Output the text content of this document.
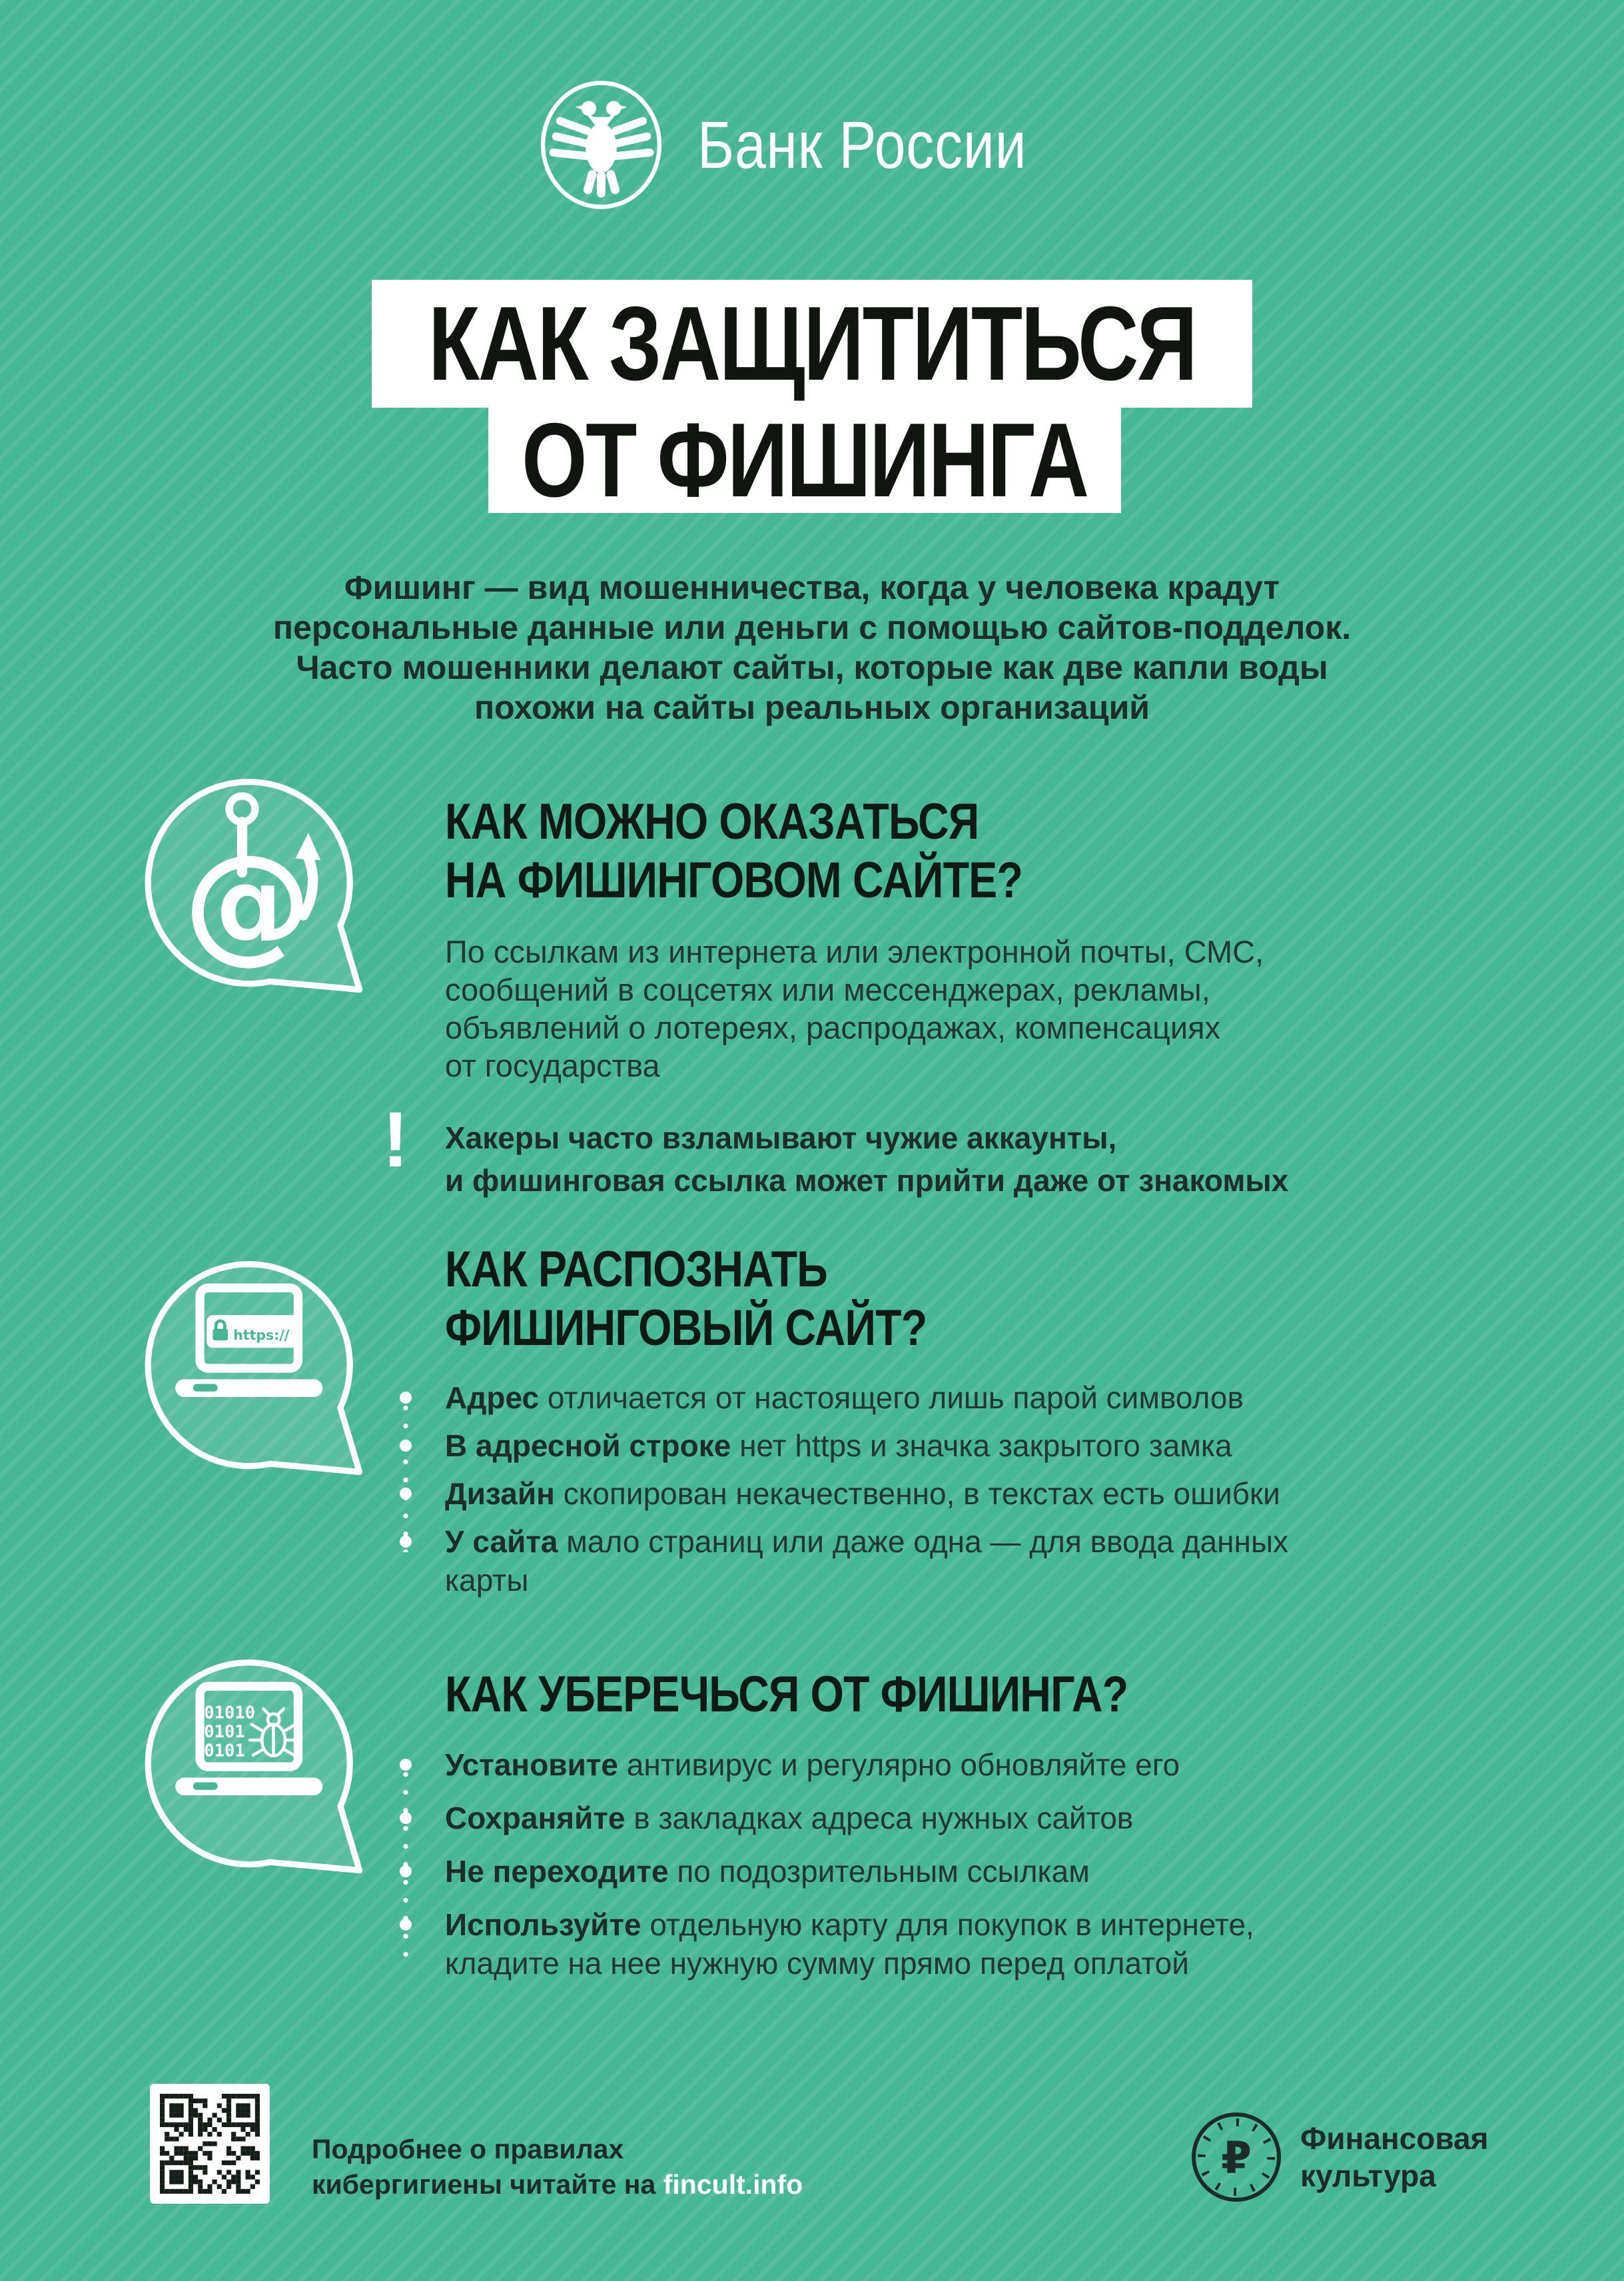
Банк России
КАК ЗАЩИТИТЬСЯ
ОТ ФИШИНГА
Фишинг — вид мошенничества, когда у человека крадут
персональные данные или деньги с помощью сайтов-подделок.
Часто мошенники делают сайты, которые как две капли воды
похожи на сайты реальных организаций
@
КАК МОЖНО ОКАЗАТЬСЯ
НА ФИШИНГОВОМ САЙТЕ?
По ссылкам из интернета или электронной почты, СМС,
сообщений в соцсетях или мессенджерах, рекламы,
объявлений о лотереях, распродажах, компенсациях
от государства
! Хакеры часто взламывают чужие аккаунты,
и фишинговая ссылка может прийти даже от знакомых
https://
КАК РАСПОЗНАТЬ
ФИШИНГОВЫЙ САЙТ?
Адрес отличается от настоящего лишь парой символов
В адресной строке нет https и значка закрытого замка
Дизайн скопирован некачественно, в текстах есть ошибки
У сайта мало страниц или даже одна — для ввода данных
карты
01010
0101
0101
КАК УБЕРЕЧЬСЯ ОТ ФИШИНГА?
Установите антивирус и регулярно обновляйте его
Сохраняйте в закладках адреса нужных сайтов
Не переходите по подозрительным ссылкам
Используйте отдельную карту для покупок в интернете,
кладите на нее нужную сумму прямо перед оплатой
Подробнее о правилах
кибергигиены читайте на fincult.info
₽ Финансовая
культура
